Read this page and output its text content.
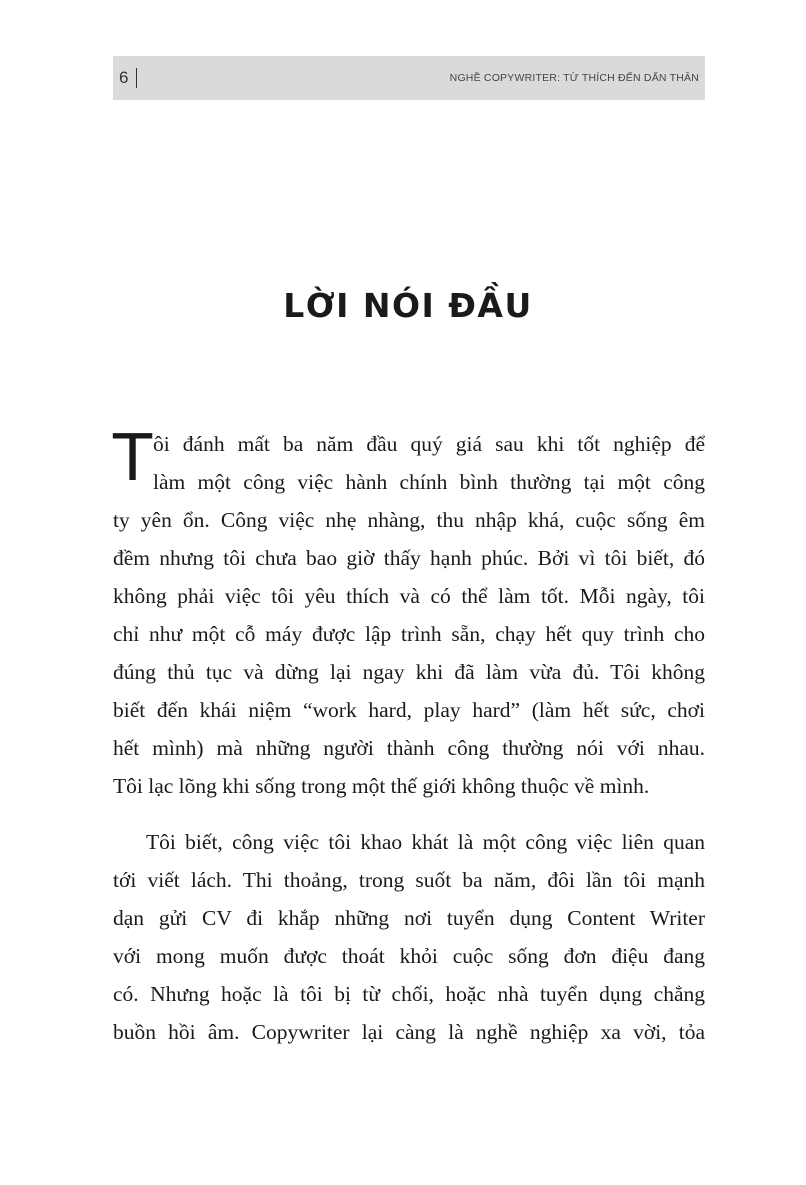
6	NGHỀ COPYWRITER: TỪ THÍCH ĐẾN DẤN THÂN
LỜI NÓI ĐẦU
T ôi đánh mất ba năm đầu quý giá sau khi tốt nghiệp để
làm một công việc hành chính bình thường tại một công
ty yên ổn. Công việc nhẹ nhàng, thu nhập khá, cuộc sống êm
đềm nhưng tôi chưa bao giờ thấy hạnh phúc. Bởi vì tôi biết, đó
không phải việc tôi yêu thích và có thể làm tốt. Mỗi ngày, tôi
chỉ như một cỗ máy được lập trình sẵn, chạy hết quy trình cho
đúng thủ tục và dừng lại ngay khi đã làm vừa đủ. Tôi không
biết đến khái niệm “work hard, play hard” (làm hết sức, chơi
hết mình) mà những người thành công thường nói với nhau.
Tôi lạc lõng khi sống trong một thế giới không thuộc về mình.
Tôi biết, công việc tôi khao khát là một công việc liên quan
tới viết lách. Thi thoảng, trong suốt ba năm, đôi lần tôi mạnh
dạn gửi CV đi khắp những nơi tuyển dụng Content Writer
với mong muốn được thoát khỏi cuộc sống đơn điệu đang
có. Nhưng hoặc là tôi bị từ chối, hoặc nhà tuyển dụng chẳng
buồn hồi âm. Copywriter lại càng là nghề nghiệp xa vời, tỏa
